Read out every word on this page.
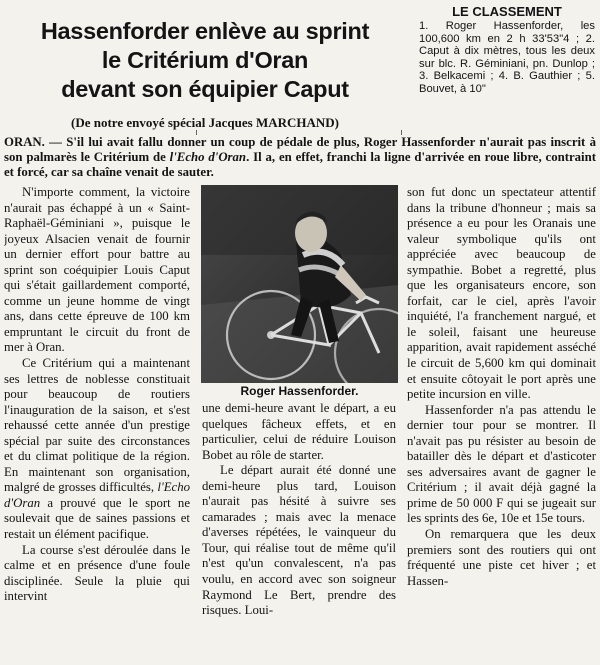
Hassenforder enlève au sprint
le Critérium d'Oran
devant son équipier Caput
(De notre envoyé spécial Jacques MARCHAND)
LE CLASSEMENT
1. Roger Hassenforder, les 100,600 km en 2 h 33'53"4 ; 2. Caput à dix mètres, tous les deux sur blc. R. Géminiani, pn. Dunlop ; 3. Belkacemi ; 4. B. Gauthier ; 5. Bouvet, à 10"
ORAN. — S'il lui avait fallu donner un coup de pédale de plus, Roger Hassenforder n'aurait pas inscrit à son palmarès le Critérium de l'Echo d'Oran. Il a, en effet, franchi la ligne d'arrivée en roue libre, contraint et forcé, car sa chaîne venait de sauter.

N'importe comment, la victoire n'aurait pas échappé à un « Saint-Raphaël-Géminiani », puisque le joyeux Alsacien venait de fournir un dernier effort pour battre au sprint son coéquipier Louis Caput qui s'était gaillardement comporté, comme un jeune homme de vingt ans, dans cette épreuve de 100 km empruntant le circuit du front de mer à Oran.

Ce Critérium qui a maintenant ses lettres de noblesse constituait pour beaucoup de routiers l'inauguration de la saison, et s'est rehaussé cette année d'un prestige spécial par suite des circonstances et du climat politique de la région. En maintenant son organisation, malgré de grosses difficultés, l'Echo d'Oran a prouvé que le sport ne soulevait que de saines passions et restait un élément pacifique.

La course s'est déroulée dans le calme et en présence d'une foule disciplinée. Seule la pluie qui intervint

Roger Hassenforder.

une demi-heure avant le départ, a eu quelques fâcheux effets, et en particulier, celui de réduire Louison Bobet au rôle de starter.

Le départ aurait été donné une demi-heure plus tard, Louison n'aurait pas hésité à suivre ses camarades ; mais avec la menace d'averses répétées, le vainqueur du Tour, qui réalise tout de même qu'il n'est qu'un convalescent, n'a pas voulu, en accord avec son soigneur Raymond Le Bert, prendre des risques. Loui-

son fut donc un spectateur attentif dans la tribune d'honneur ; mais sa présence a eu pour les Oranais une valeur symbolique qu'ils ont appréciée avec beaucoup de sympathie. Bobet a regretté, plus que les organisateurs encore, son forfait, car le ciel, après l'avoir inquiété, l'a franchement nargué, et le soleil, faisant une heureuse apparition, avait rapidement asséché le circuit de 5,600 km qui dominait et ensuite côtoyait le port après une petite incursion en ville.

Hassenforder n'a pas attendu le dernier tour pour se montrer. Il n'avait pas pu résister au besoin de batailler dès le départ et d'asticoter ses adversaires avant de gagner le Critérium ; il avait déjà gagné la prime de 50 000 F qui se jugeait sur les sprints des 6e, 10e et 15e tours.

On remarquera que les deux premiers sont des routiers qui ont fréquenté une piste cet hiver ; et Hassen-
